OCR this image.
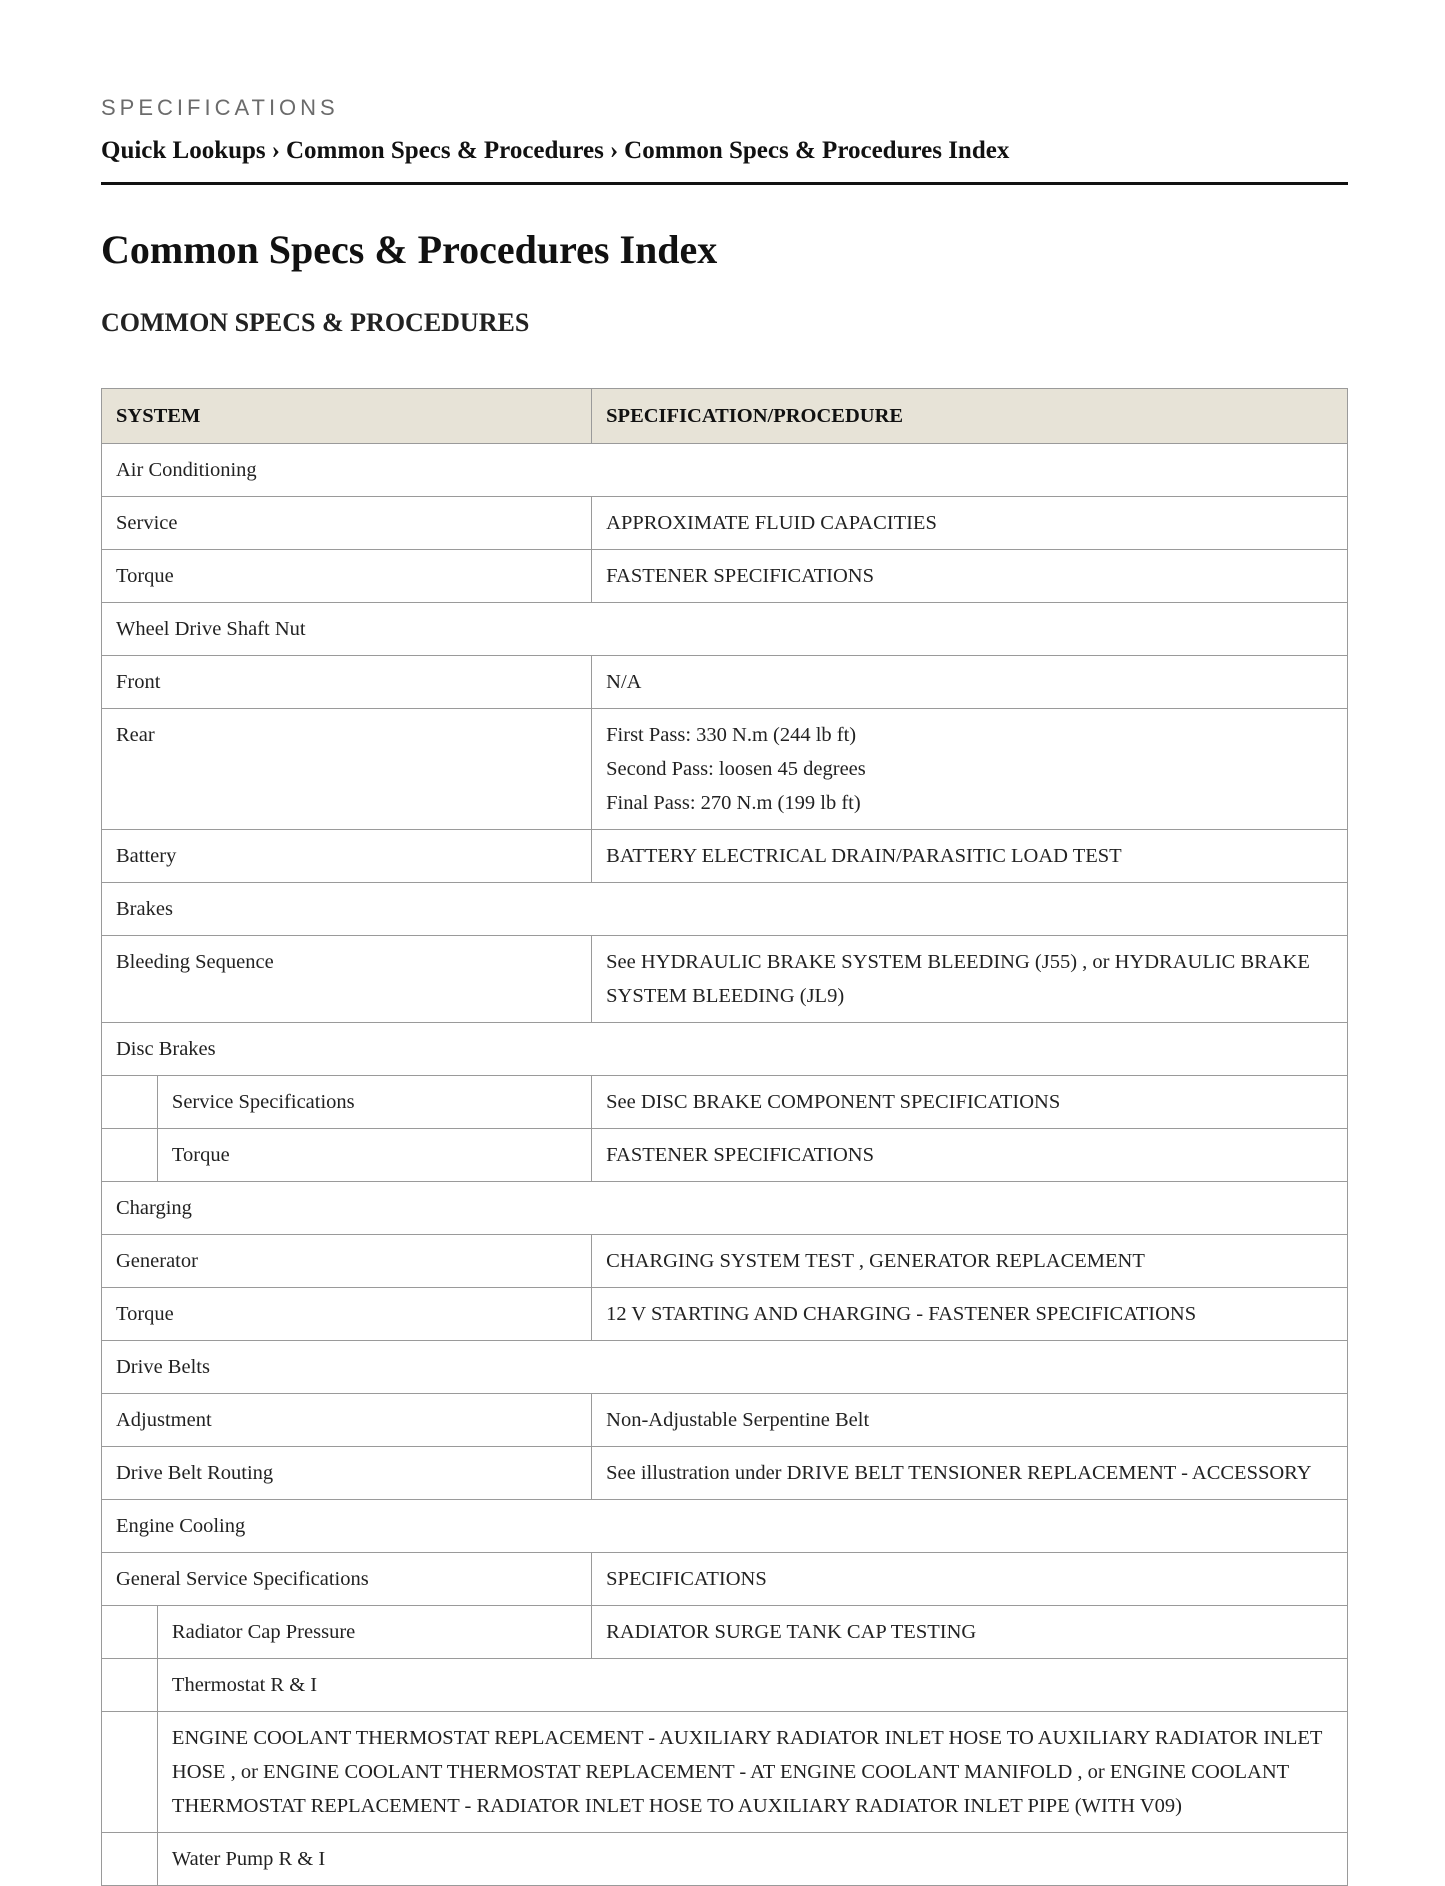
SPECIFICATIONS
Quick Lookups › Common Specs & Procedures › Common Specs & Procedures Index
Common Specs & Procedures Index
COMMON SPECS & PROCEDURES
SYSTEM		SPECIFICATION/PROCEDURE
Air Conditioning		
Service		APPROXIMATE FLUID CAPACITIES
Torque		FASTENER SPECIFICATIONS
Wheel Drive Shaft Nut		
Front		N/A
Rear		First Pass: 330 N.m (244 lb ft)
Second Pass: loosen 45 degrees
Final Pass: 270 N.m (199 lb ft)

Battery		BATTERY ELECTRICAL DRAIN/PARASITIC LOAD TEST
Brakes		
Bleeding Sequence		See HYDRAULIC BRAKE SYSTEM BLEEDING (J55) , or HYDRAULIC BRAKE SYSTEM BLEEDING (JL9)
Disc Brakes		
	Service Specifications	See DISC BRAKE COMPONENT SPECIFICATIONS
	Torque	FASTENER SPECIFICATIONS
Charging		
Generator		CHARGING SYSTEM TEST , GENERATOR REPLACEMENT
Torque		12 V STARTING AND CHARGING - FASTENER SPECIFICATIONS
Drive Belts		
Adjustment		Non-Adjustable Serpentine Belt
Drive Belt Routing		See illustration under DRIVE BELT TENSIONER REPLACEMENT - ACCESSORY
Engine Cooling		
General Service Specifications		SPECIFICATIONS
	Radiator Cap Pressure	RADIATOR SURGE TANK CAP TESTING
	Thermostat R & I	
	ENGINE COOLANT THERMOSTAT REPLACEMENT - AUXILIARY RADIATOR INLET HOSE TO AUXILIARY RADIATOR INLET HOSE , or ENGINE COOLANT THERMOSTAT REPLACEMENT - AT ENGINE COOLANT MANIFOLD , or ENGINE COOLANT THERMOSTAT REPLACEMENT - RADIATOR INLET HOSE TO AUXILIARY RADIATOR INLET PIPE (WITH V09)	
	Water Pump R & I	
